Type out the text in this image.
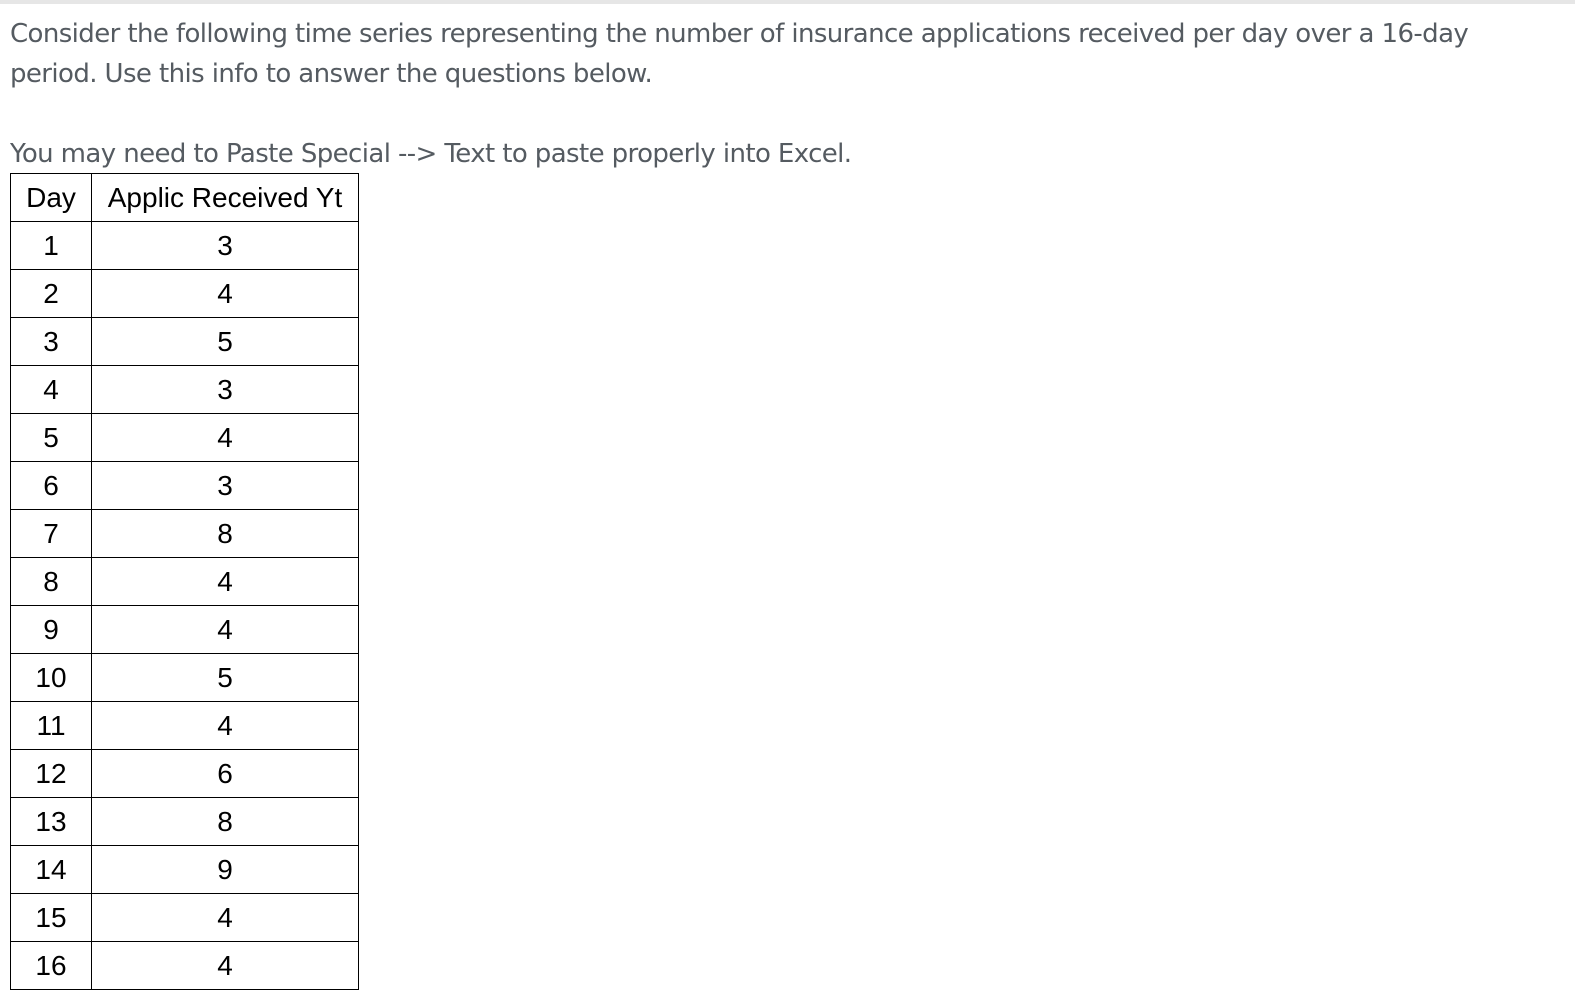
Consider the following time series representing the number of insurance applications received per day over a 16-day period. Use this info to answer the questions below.

You may need to Paste Special --> Text to paste properly into Excel.

Day	Applic Received Yt
1	3
2	4
3	5
4	3
5	4
6	3
7	8
8	4
9	4
10	5
11	4
12	6
13	8
14	9
15	4
16	4
